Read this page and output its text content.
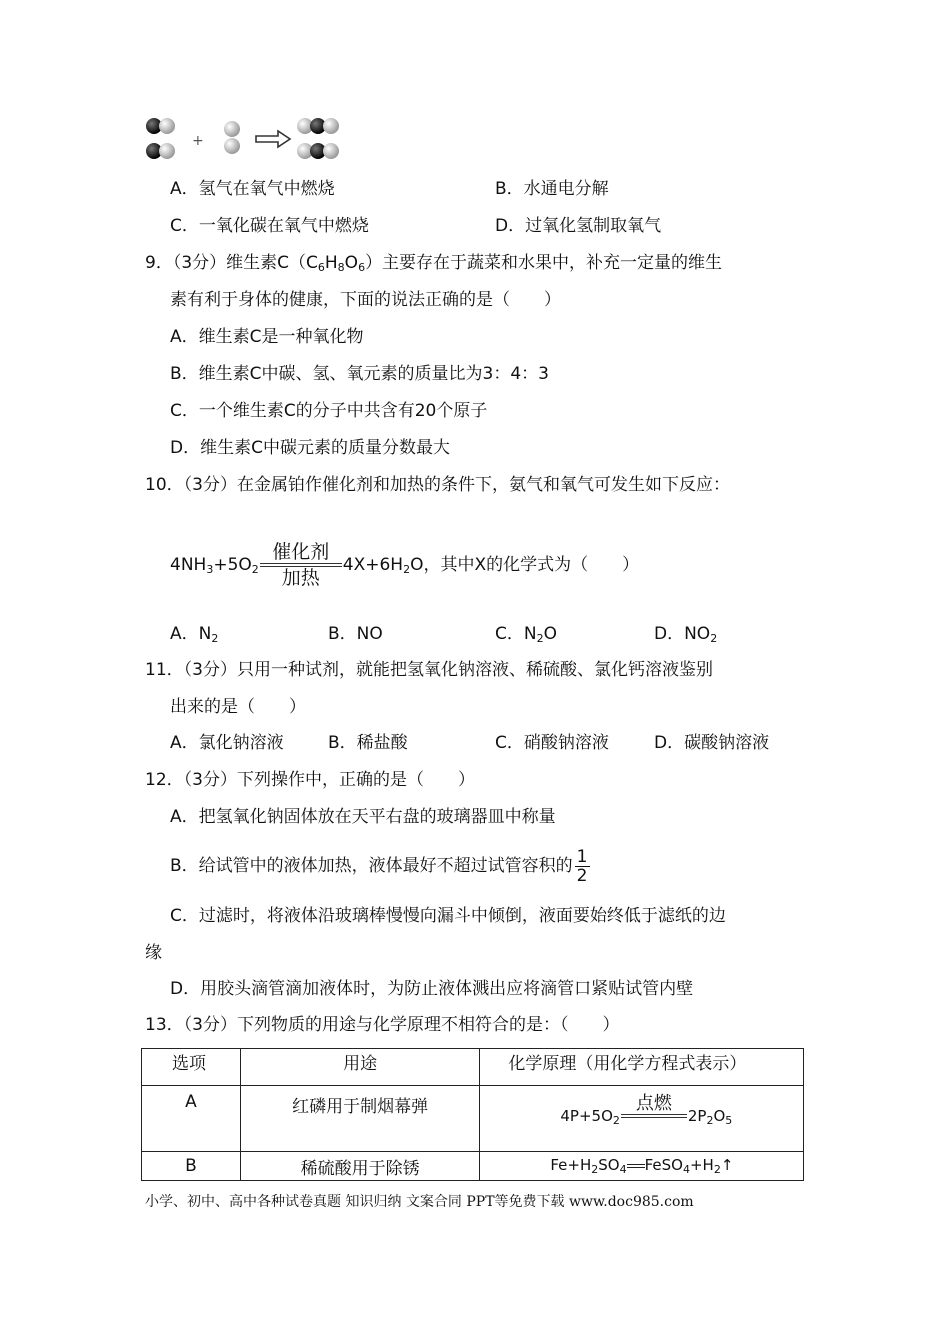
+
A．氢气在氧气中燃烧	B．水通电分解
C．一氧化碳在氧气中燃烧	D．过氧化氢制取氧气
9．（3分）维生素$C(C_6H_8O_6)$主要存在于蔬菜和水果中，补充一定量的维生
素有利于身体的健康，下面的说法正确的是（　　）
A．维生素C是一种氧化物
B．维生素C中碳、氢、氧元素的质量比为3：4：3
C．一个维生素C的分子中共含有20个原子
D．维生素C中碳元素的质量分数最大
10．（3分）在金属铂作催化剂和加热的条件下，氨气和氧气可发生如下反应：
$4NH_3+5O_2$
催化剂
加热
$4X+6H_2O$，其中X的化学式为（　　）
A．$N_2$	B．NO	C．$N_2O$	D．$NO_2$
11．（3分）只用一种试剂，就能把氢氧化钠溶液、稀硫酸、氯化钙溶液鉴别
出来的是（　　）
A．氯化钠溶液	B．稀盐酸	C．硝酸钠溶液	D．碳酸钠溶液
12．（3分）下列操作中，正确的是（　　）
A．把氢氧化钠固体放在天平右盘的玻璃器皿中称量
B．给试管中的液体加热，液体最好不超过试管容积的 $\frac{1}{2}$
C．过滤时，将液体沿玻璃棒慢慢向漏斗中倾倒，液面要始终低于滤纸的边
缘
D．用胶头滴管滴加液体时，为防止液体溅出应将滴管口紧贴试管内壁
13．（3分）下列物质的用途与化学原理不相符合的是：（　　）
选项	用途	化学原理（用化学方程式表示）
A	红磷用于制烟幕弹	$4P+5O_2$
点燃
$2P_2O_5$
B	稀硫酸用于除锈	$Fe+H_2SO_4$ $FeSO_4+H_2↑$
小学、初中、高中各种试卷真题 知识归纳 文案合同 PPT等免费下载 www.doc985.com
